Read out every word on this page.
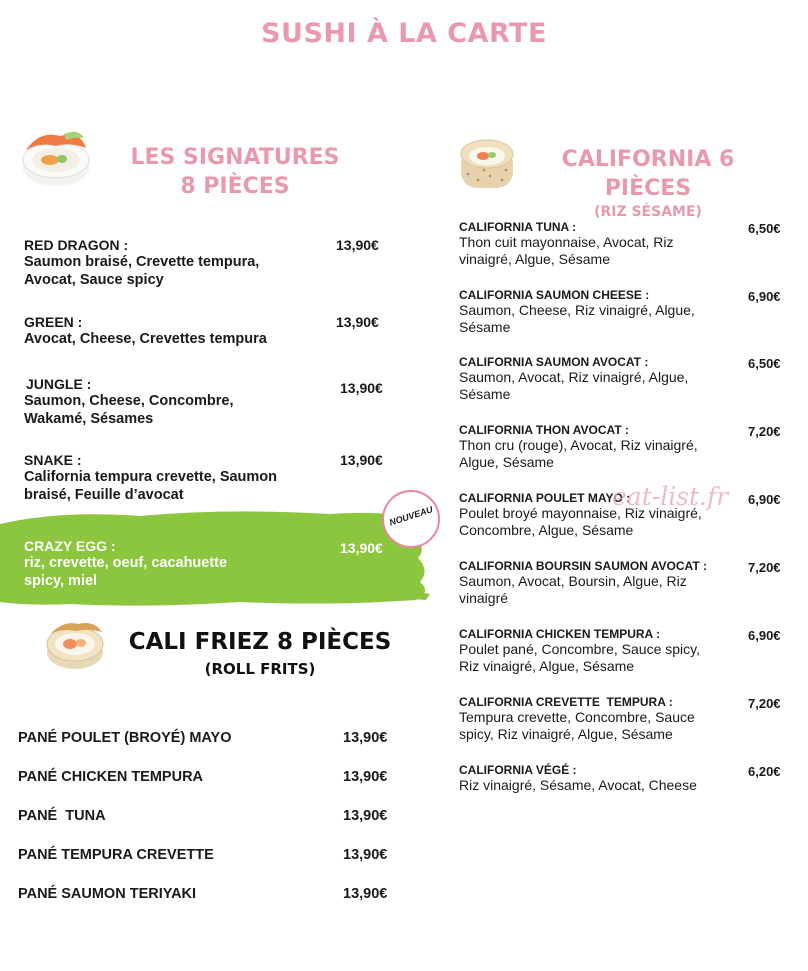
SUSHI À LA CARTE
LES SIGNATURES
8 PIÈCES
RED DRAGON :
Saumon braisé, Crevette tempura, Avocat, Sauce spicy
13,90€
GREEN :
Avocat, Cheese, Crevettes tempura
13,90€
JUNGLE :
Saumon, Cheese, Concombre, Wakamé, Sésames
13,90€
SNAKE :
California tempura crevette, Saumon braisé, Feuille d’avocat
13,90€
CRAZY EGG :
riz, crevette, oeuf, cacahuette
spicy, miel
13,90€
NOUVEAU
CALI FRIEZ 8 PIÈCES
(ROLL FRITS)
PANÉ POULET (BROYÉ) MAYO	13,90€
PANÉ CHICKEN TEMPURA	13,90€
PANÉ  TUNA	13,90€
PANÉ TEMPURA CREVETTE	13,90€
PANÉ SAUMON TERIYAKI	13,90€
CALIFORNIA 6 PIÈCES
(RIZ SÉSAME)
CALIFORNIA TUNA :
Thon cuit mayonnaise, Avocat, Riz vinaigré, Algue, Sésame
6,50€
CALIFORNIA SAUMON CHEESE :
Saumon, Cheese, Riz vinaigré, Algue, Sésame
6,90€
CALIFORNIA SAUMON AVOCAT :
Saumon, Avocat, Riz vinaigré, Algue, Sésame
6,50€
CALIFORNIA THON AVOCAT :
Thon cru (rouge), Avocat, Riz vinaigré, Algue, Sésame
7,20€
CALIFORNIA POULET MAYO :
Poulet broyé mayonnaise, Riz vinaigré, Concombre, Algue, Sésame
6,90€
CALIFORNIA BOURSIN SAUMON AVOCAT :
Saumon, Avocat, Boursin, Algue, Riz vinaigré
7,20€
CALIFORNIA CHICKEN TEMPURA :
Poulet pané, Concombre, Sauce spicy, Riz vinaigré, Algue, Sésame
6,90€
CALIFORNIA CREVETTE  TEMPURA :
Tempura crevette, Concombre, Sauce spicy, Riz vinaigré, Algue, Sésame
7,20€
CALIFORNIA VÉGÉ :
Riz vinaigré, Sésame, Avocat, Cheese
6,20€
eat-list.fr
